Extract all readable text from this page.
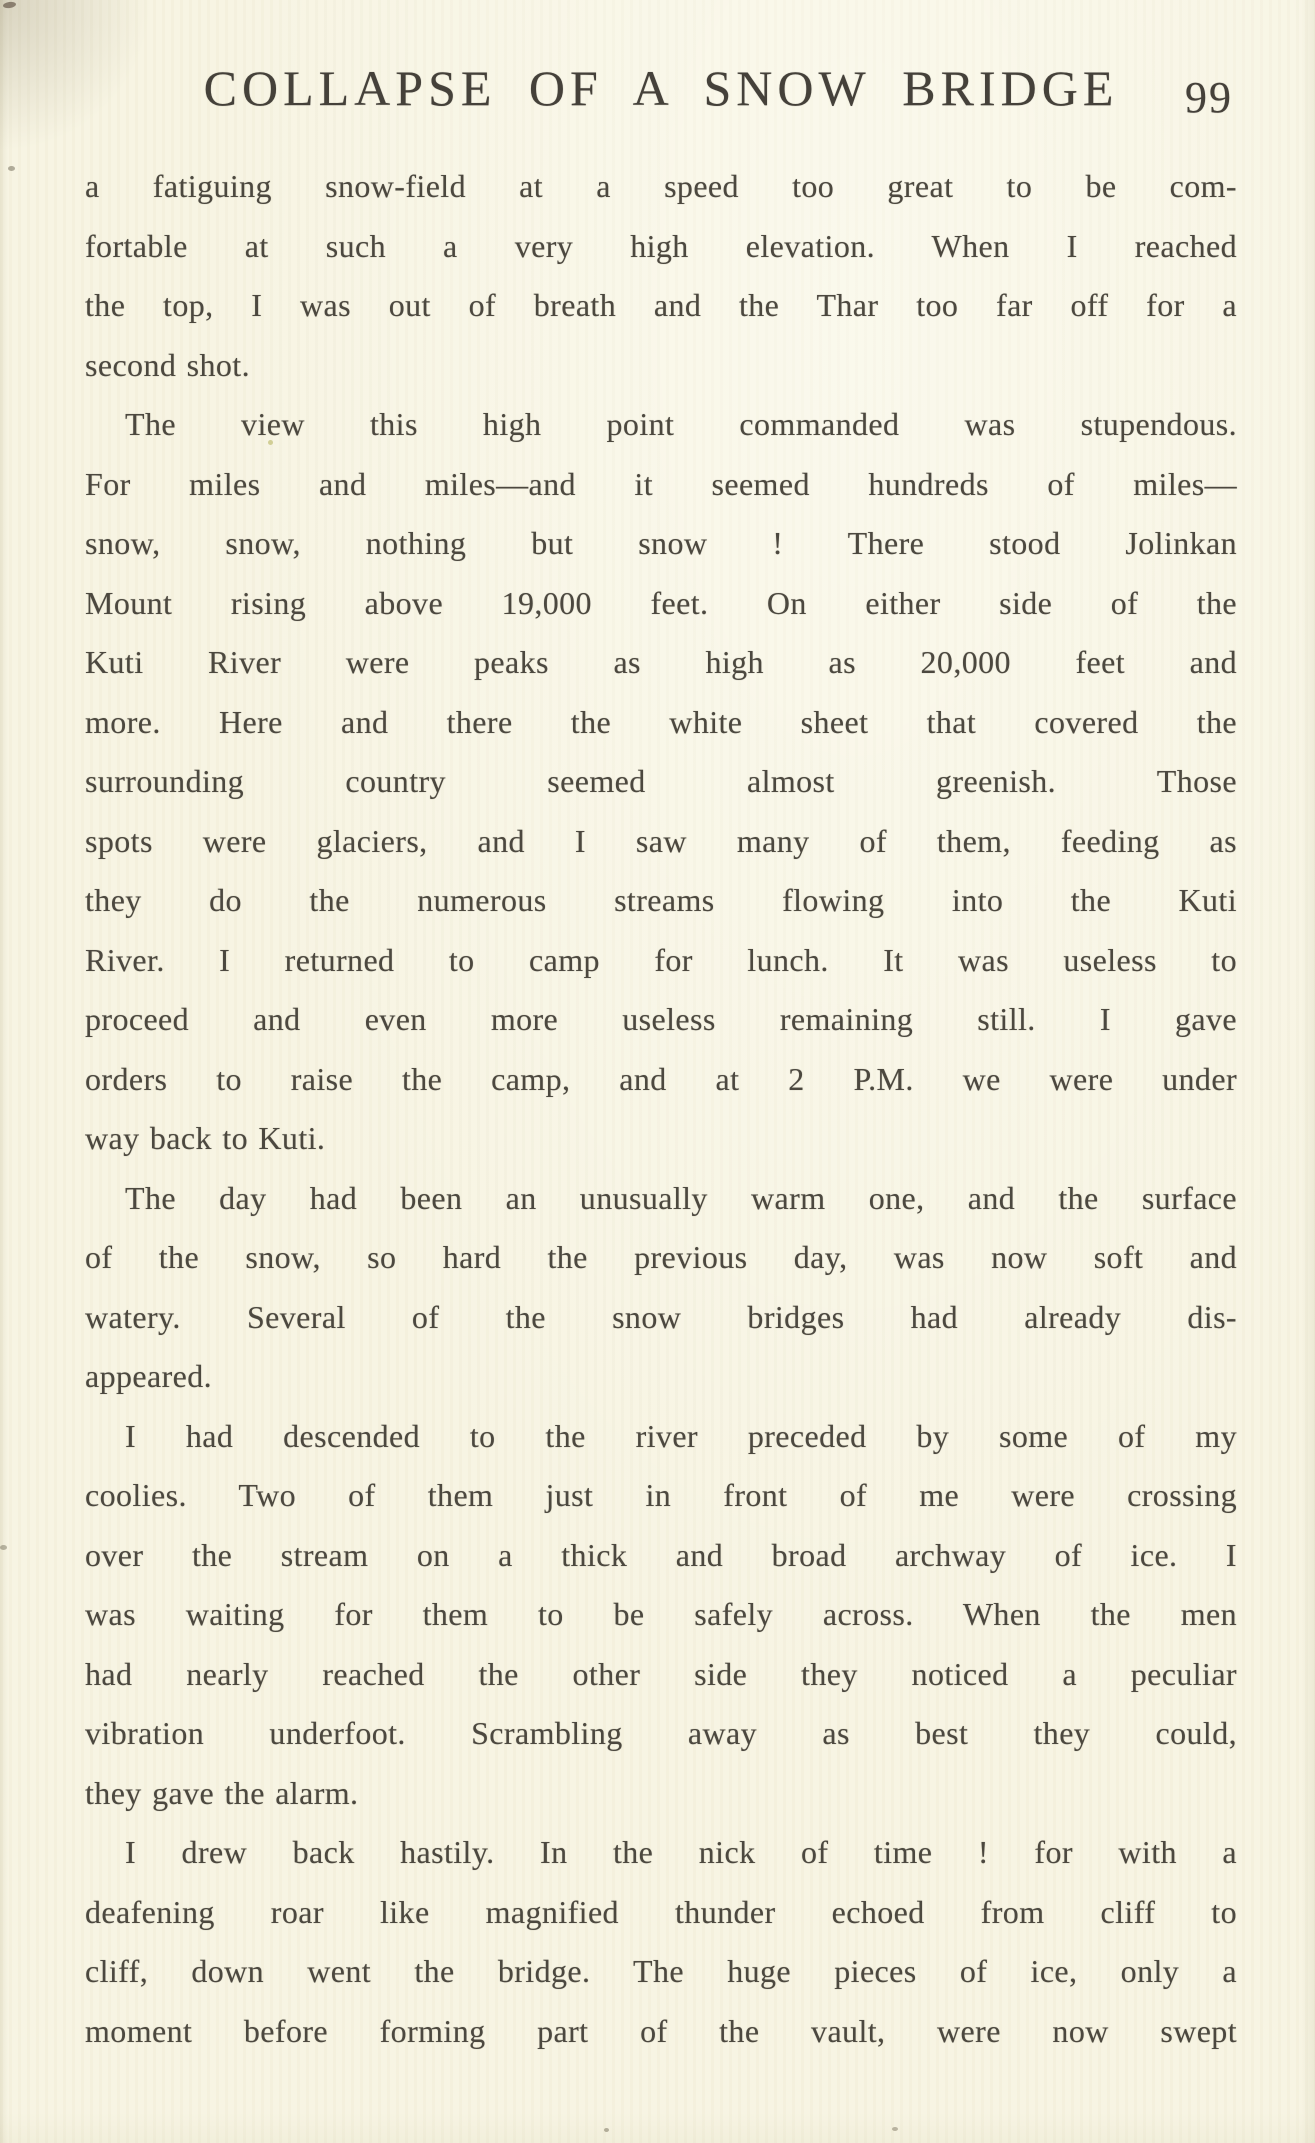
COLLAPSE OF A SNOW BRIDGE 99
a fatiguing snow-field at a speed too great to be com-
fortable at such a very high elevation. When I reached
the top, I was out of breath and the Thar too far off for a
second shot.
The view this high point commanded was stupendous.
For miles and miles—and it seemed hundreds of miles—
snow, snow, nothing but snow ! There stood Jolinkan
Mount rising above 19,000 feet. On either side of the
Kuti River were peaks as high as 20,000 feet and
more. Here and there the white sheet that covered the
surrounding country seemed almost greenish. Those
spots were glaciers, and I saw many of them, feeding as
they do the numerous streams flowing into the Kuti
River. I returned to camp for lunch. It was useless to
proceed and even more useless remaining still. I gave
orders to raise the camp, and at 2 P.M. we were under
way back to Kuti.
The day had been an unusually warm one, and the surface
of the snow, so hard the previous day, was now soft and
watery. Several of the snow bridges had already dis-
appeared.
I had descended to the river preceded by some of my
coolies. Two of them just in front of me were crossing
over the stream on a thick and broad archway of ice. I
was waiting for them to be safely across. When the men
had nearly reached the other side they noticed a peculiar
vibration underfoot. Scrambling away as best they could,
they gave the alarm.
I drew back hastily. In the nick of time ! for with a
deafening roar like magnified thunder echoed from cliff to
cliff, down went the bridge. The huge pieces of ice, only a
moment before forming part of the vault, were now swept
